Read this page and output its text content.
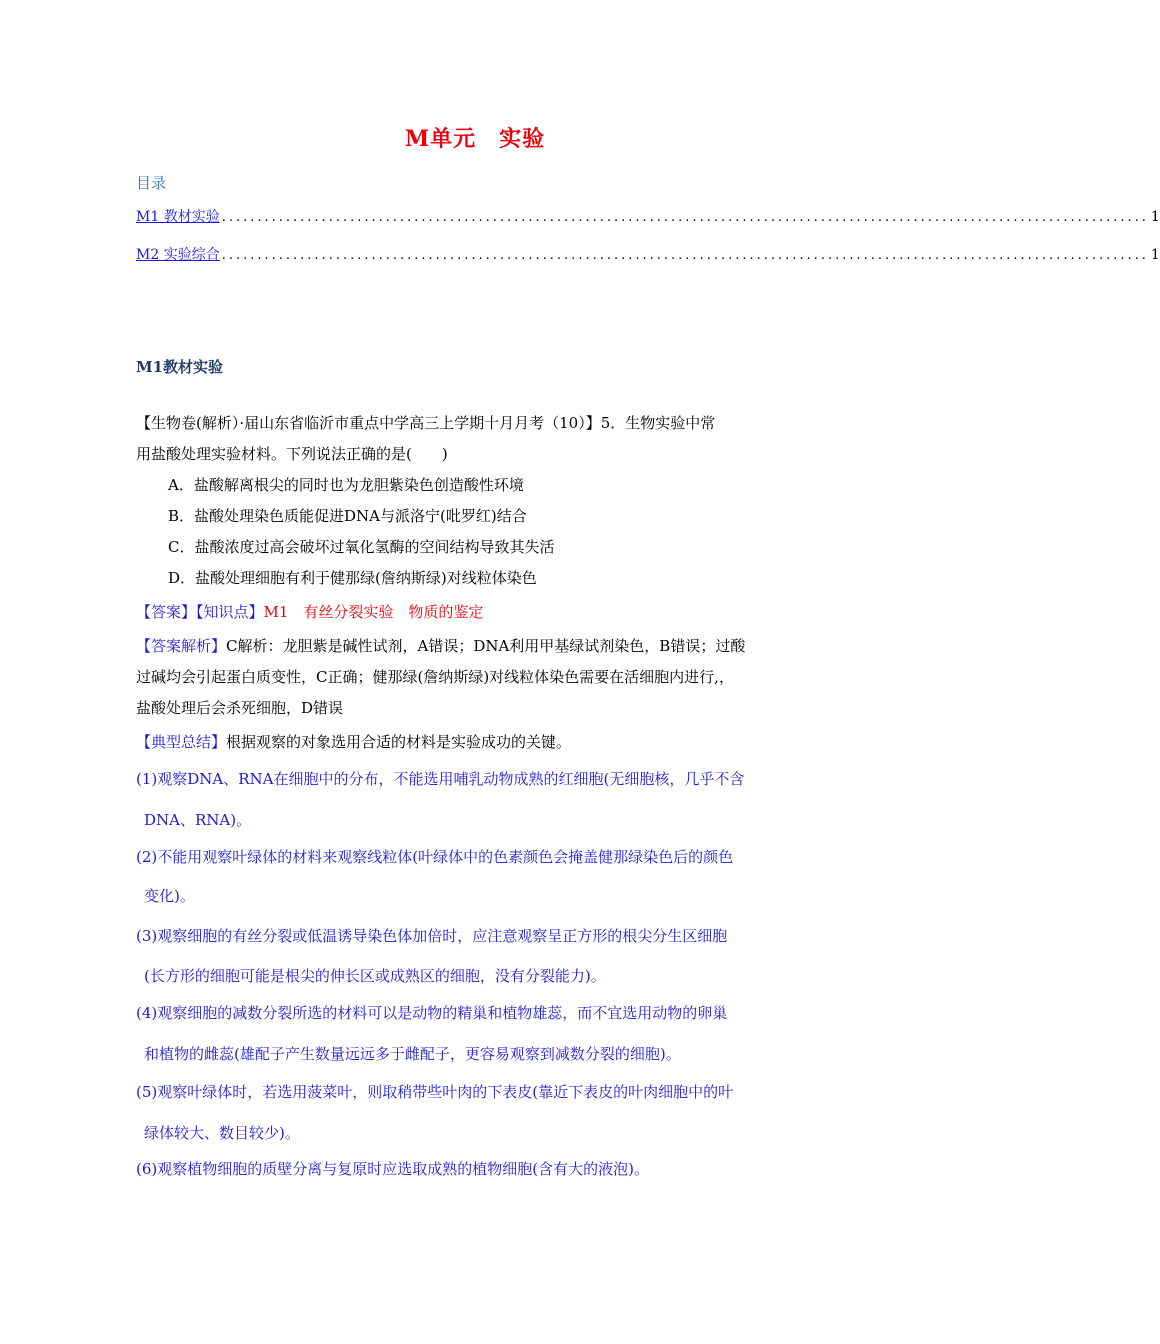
M单元　实验
目录
M1 教材实验 .................................................................................................................................. 1
M2 实验综合 .................................................................................................................................. 1
M1教材实验
【生物卷(解析）·届山东省临沂市重点中学高三上学期十月月考（10）】5．生物实验中常
用盐酸处理实验材料。下列说法正确的是(　　)
A．盐酸解离根尖的同时也为龙胆紫染色创造酸性环境
B．盐酸处理染色质能促进DNA与派洛宁(吡罗红)结合
C．盐酸浓度过高会破坏过氧化氢酶的空间结构导致其失活
D．盐酸处理细胞有利于健那绿(詹纳斯绿)对线粒体染色
【答案】【知识点】M1　有丝分裂实验　物质的鉴定
【答案解析】C解析：龙胆紫是碱性试剂，A错误；DNA利用甲基绿试剂染色，B错误；过酸
过碱均会引起蛋白质变性，C正确；健那绿(詹纳斯绿)对线粒体染色需要在活细胞内进行,，
盐酸处理后会杀死细胞，D错误
【典型总结】根据观察的对象选用合适的材料是实验成功的关键。
(1)观察DNA、RNA在细胞中的分布，不能选用哺乳动物成熟的红细胞(无细胞核，几乎不含
DNA、RNA)。
(2)不能用观察叶绿体的材料来观察线粒体(叶绿体中的色素颜色会掩盖健那绿染色后的颜色
变化)。
(3)观察细胞的有丝分裂或低温诱导染色体加倍时，应注意观察呈正方形的根尖分生区细胞
(长方形的细胞可能是根尖的伸长区或成熟区的细胞，没有分裂能力)。
(4)观察细胞的减数分裂所选的材料可以是动物的精巢和植物雄蕊，而不宜选用动物的卵巢
和植物的雌蕊(雄配子产生数量远远多于雌配子，更容易观察到减数分裂的细胞)。
(5)观察叶绿体时，若选用菠菜叶，则取稍带些叶肉的下表皮(靠近下表皮的叶肉细胞中的叶
绿体较大、数目较少)。
(6)观察植物细胞的质壁分离与复原时应选取成熟的植物细胞(含有大的液泡)。
